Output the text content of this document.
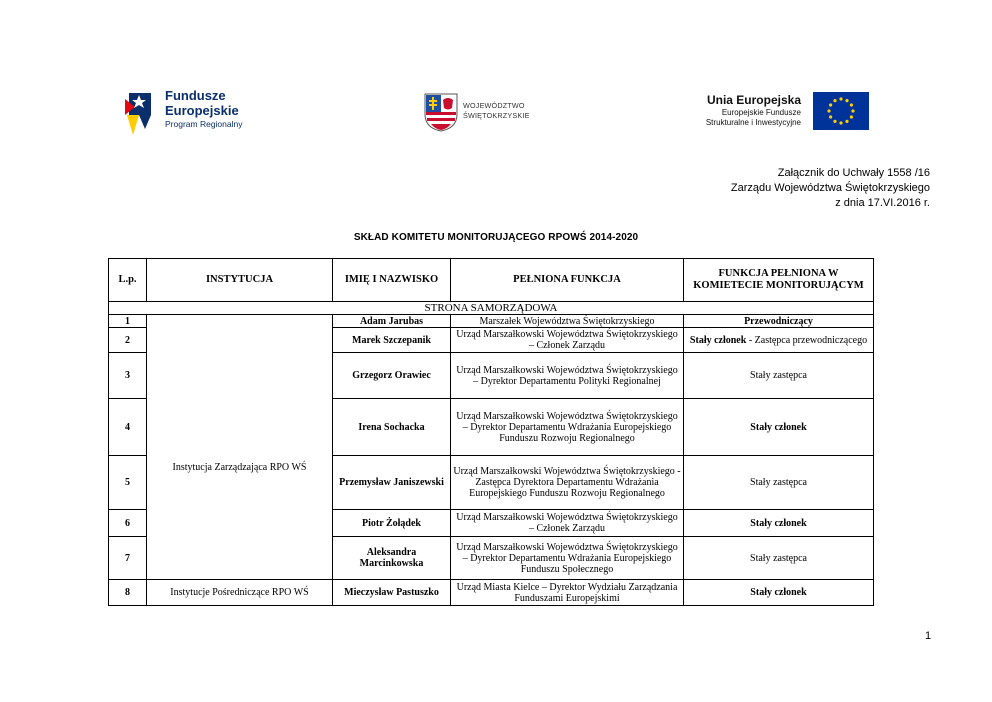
Fundusze
Europejskie
Program Regionalny
WOJEWÓDZTWO
ŚWIĘTOKRZYSKIE
Unia Europejska
Europejskie Fundusze
Strukturalne i Inwestycyjne
Załącznik do Uchwały 1558 /16
Zarządu Województwa Świętokrzyskiego
z dnia 17.VI.2016 r.
SKŁAD KOMITETU MONITORUJĄCEGO RPOWŚ 2014-2020
L.p.	INSTYTUCJA	IMIĘ I NAZWISKO	PEŁNIONA FUNKCJA	FUNKCJA PEŁNIONA W KOMIETECIE MONITORUJĄCYM
STRONA SAMORZĄDOWA				
1	Instytucja Zarządzająca RPO WŚ	Adam Jarubas	Marszałek Województwa Świętokrzyskiego	Przewodniczący
2		Marek Szczepanik	Urząd Marszałkowski Województwa Świętokrzyskiego – Członek Zarządu	Stały członek - Zastępca przewodniczącego
3		Grzegorz Orawiec	Urząd Marszałkowski Województwa Świętokrzyskiego – Dyrektor Departamentu Polityki Regionalnej	Stały zastępca
4		Irena Sochacka	Urząd Marszałkowski Województwa Świętokrzyskiego – Dyrektor Departamentu Wdrażania Europejskiego Funduszu Rozwoju Regionalnego	Stały członek
5		Przemysław Janiszewski	Urząd Marszałkowski Województwa Świętokrzyskiego - Zastępca Dyrektora Departamentu Wdrażania Europejskiego Funduszu Rozwoju Regionalnego	Stały zastępca
6		Piotr Żołądek	Urząd Marszałkowski Województwa Świętokrzyskiego – Członek Zarządu	Stały członek
7		Aleksandra Marcinkowska	Urząd Marszałkowski Województwa Świętokrzyskiego – Dyrektor Departamentu Wdrażania Europejskiego Funduszu Społecznego	Stały zastępca
8	Instytucje Pośredniczące RPO WŚ	Mieczysław Pastuszko	Urząd Miasta Kielce – Dyrektor Wydziału Zarządzania Funduszami Europejskimi	Stały członek
1
